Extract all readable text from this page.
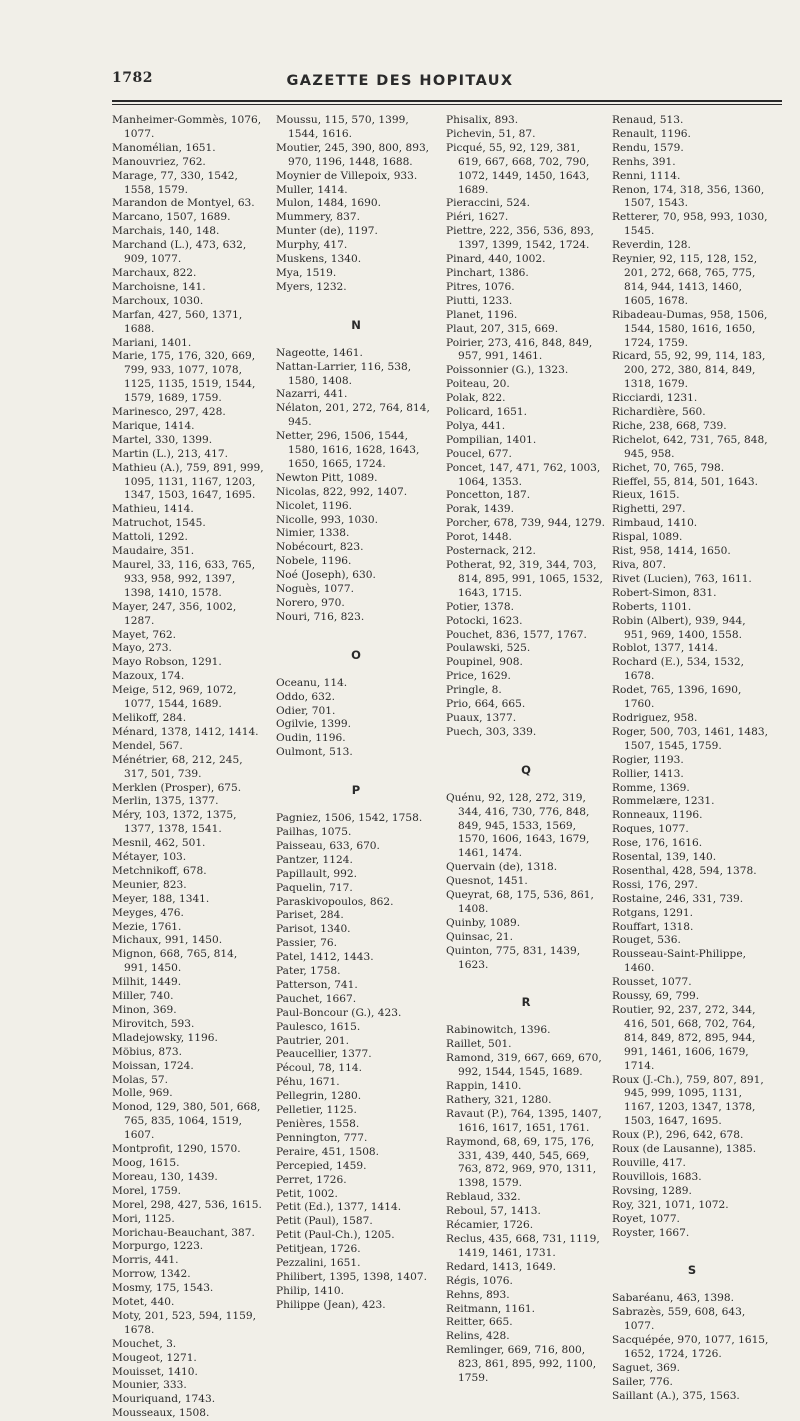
1782	GAZETTE DES HOPITAUX

Manheimer-Gommès, 1076, 1077.

Manomélian, 1651.

Manouvriez, 762.

Marage, 77, 330, 1542, 1558, 1579.

Marandon de Montyel, 63.

Marcano, 1507, 1689.

Marchais, 140, 148.

Marchand (L.), 473, 632, 909, 1077.

Marchaux, 822.

Marchoisne, 141.

Marchoux, 1030.

Marfan, 427, 560, 1371, 1688.

Mariani, 1401.

Marie, 175, 176, 320, 669, 799, 933, 1077, 1078, 1125, 1135, 1519, 1544, 1579, 1689, 1759.

Marinesco, 297, 428.

Marique, 1414.

Martel, 330, 1399.

Martin (L.), 213, 417.

Mathieu (A.), 759, 891, 999, 1095, 1131, 1167, 1203, 1347, 1503, 1647, 1695.

Mathieu, 1414.

Matruchot, 1545.

Mattoli, 1292.

Maudaire, 351.

Maurel, 33, 116, 633, 765, 933, 958, 992, 1397, 1398, 1410, 1578.

Mayer, 247, 356, 1002, 1287.

Mayet, 762.

Mayo, 273.

Mayo Robson, 1291.

Mazoux, 174.

Meige, 512, 969, 1072, 1077, 1544, 1689.

Melikoff, 284.

Ménard, 1378, 1412, 1414.

Mendel, 567.

Ménétrier, 68, 212, 245, 317, 501, 739.

Merklen (Prosper), 675.

Merlin, 1375, 1377.

Méry, 103, 1372, 1375, 1377, 1378, 1541.

Mesnil, 462, 501.

Métayer, 103.

Metchnikoff, 678.

Meunier, 823.

Meyer, 188, 1341.

Meyges, 476.

Mezie, 1761.

Michaux, 991, 1450.

Mignon, 668, 765, 814, 991, 1450.

Milhit, 1449.

Miller, 740.

Minon, 369.

Mirovitch, 593.

Mladejowsky, 1196.

Möbius, 873.

Moissan, 1724.

Molas, 57.

Molle, 969.

Monod, 129, 380, 501, 668, 765, 835, 1064, 1519, 1607.

Montprofit, 1290, 1570.

Moog, 1615.

Moreau, 130, 1439.

Morel, 1759.

Morel, 298, 427, 536, 1615.

Mori, 1125.

Morichau-Beauchant, 387.

Morpurgo, 1223.

Morris, 441.

Morrow, 1342.

Mosmy, 175, 1543.

Motet, 440.

Moty, 201, 523, 594, 1159, 1678.

Mouchet, 3.

Mougeot, 1271.

Mouisset, 1410.

Mounier, 333.

Mouriquand, 1743.

Mousseaux, 1508.

Moussu, 115, 570, 1399, 1544, 1616.

Moutier, 245, 390, 800, 893, 970, 1196, 1448, 1688.

Moynier de Villepoix, 933.

Muller, 1414.

Mulon, 1484, 1690.

Mummery, 837.

Munter (de), 1197.

Murphy, 417.

Muskens, 1340.

Mya, 1519.

Myers, 1232.

N

Nageotte, 1461.

Nattan-Larrier, 116, 538, 1580, 1408.

Nazarri, 441.

Nélaton, 201, 272, 764, 814, 945.

Netter, 296, 1506, 1544, 1580, 1616, 1628, 1643, 1650, 1665, 1724.

Newton Pitt, 1089.

Nicolas, 822, 992, 1407.

Nicolet, 1196.

Nicolle, 993, 1030.

Nimier, 1338.

Nobécourt, 823.

Nobele, 1196.

Noé (Joseph), 630.

Noguès, 1077.

Norero, 970.

Nouri, 716, 823.

O

Oceanu, 114.

Oddo, 632.

Odier, 701.

Ogilvie, 1399.

Oudin, 1196.

Oulmont, 513.

P

Pagniez, 1506, 1542, 1758.

Pailhas, 1075.

Paisseau, 633, 670.

Pantzer, 1124.

Papillault, 992.

Paquelin, 717.

Paraskivopoulos, 862.

Pariset, 284.

Parisot, 1340.

Passier, 76.

Patel, 1412, 1443.

Pater, 1758.

Patterson, 741.

Pauchet, 1667.

Paul-Boncour (G.), 423.

Paulesco, 1615.

Pautrier, 201.

Peaucellier, 1377.

Pécoul, 78, 114.

Péhu, 1671.

Pellegrin, 1280.

Pelletier, 1125.

Penières, 1558.

Pennington, 777.

Peraire, 451, 1508.

Percepied, 1459.

Perret, 1726.

Petit, 1002.

Petit (Ed.), 1377, 1414.

Petit (Paul), 1587.

Petit (Paul-Ch.), 1205.

Petitjean, 1726.

Pezzalini, 1651.

Philibert, 1395, 1398, 1407.

Philip, 1410.

Philippe (Jean), 423.

Phisalix, 893.

Pichevin, 51, 87.

Picqué, 55, 92, 129, 381, 619, 667, 668, 702, 790, 1072, 1449, 1450, 1643, 1689.

Pieraccini, 524.

Piéri, 1627.

Piettre, 222, 356, 536, 893, 1397, 1399, 1542, 1724.

Pinard, 440, 1002.

Pinchart, 1386.

Pitres, 1076.

Piutti, 1233.

Planet, 1196.

Plaut, 207, 315, 669.

Poirier, 273, 416, 848, 849, 957, 991, 1461.

Poissonnier (G.), 1323.

Poiteau, 20.

Polak, 822.

Policard, 1651.

Polya, 441.

Pompilian, 1401.

Poucel, 677.

Poncet, 147, 471, 762, 1003, 1064, 1353.

Poncetton, 187.

Porak, 1439.

Porcher, 678, 739, 944, 1279.

Porot, 1448.

Posternack, 212.

Potherat, 92, 319, 344, 703, 814, 895, 991, 1065, 1532, 1643, 1715.

Potier, 1378.

Potocki, 1623.

Pouchet, 836, 1577, 1767.

Poulawski, 525.

Poupinel, 908.

Price, 1629.

Pringle, 8.

Prio, 664, 665.

Puaux, 1377.

Puech, 303, 339.

Q

Quénu, 92, 128, 272, 319, 344, 416, 730, 776, 848, 849, 945, 1533, 1569, 1570, 1606, 1643, 1679, 1461, 1474.

Quervain (de), 1318.

Quesnot, 1451.

Queyrat, 68, 175, 536, 861, 1408.

Quinby, 1089.

Quinsac, 21.

Quinton, 775, 831, 1439, 1623.

R

Rabinowitch, 1396.

Raillet, 501.

Ramond, 319, 667, 669, 670, 992, 1544, 1545, 1689.

Rappin, 1410.

Rathery, 321, 1280.

Ravaut (P.), 764, 1395, 1407, 1616, 1617, 1651, 1761.

Raymond, 68, 69, 175, 176, 331, 439, 440, 545, 669, 763, 872, 969, 970, 1311, 1398, 1579.

Reblaud, 332.

Reboul, 57, 1413.

Récamier, 1726.

Reclus, 435, 668, 731, 1119, 1419, 1461, 1731.

Redard, 1413, 1649.

Régis, 1076.

Rehns, 893.

Reitmann, 1161.

Reitter, 665.

Relins, 428.

Remlinger, 669, 716, 800, 823, 861, 895, 992, 1100, 1759.

Renaud, 513.

Renault, 1196.

Rendu, 1579.

Renhs, 391.

Renni, 1114.

Renon, 174, 318, 356, 1360, 1507, 1543.

Retterer, 70, 958, 993, 1030, 1545.

Reverdin, 128.

Reynier, 92, 115, 128, 152, 201, 272, 668, 765, 775, 814, 944, 1413, 1460, 1605, 1678.

Ribadeau-Dumas, 958, 1506, 1544, 1580, 1616, 1650, 1724, 1759.

Ricard, 55, 92, 99, 114, 183, 200, 272, 380, 814, 849, 1318, 1679.

Ricciardi, 1231.

Richardière, 560.

Riche, 238, 668, 739.

Richelot, 642, 731, 765, 848, 945, 958.

Richet, 70, 765, 798.

Rieffel, 55, 814, 501, 1643.

Rieux, 1615.

Righetti, 297.

Rimbaud, 1410.

Rispal, 1089.

Rist, 958, 1414, 1650.

Riva, 807.

Rivet (Lucien), 763, 1611.

Robert-Simon, 831.

Roberts, 1101.

Robin (Albert), 939, 944, 951, 969, 1400, 1558.

Roblot, 1377, 1414.

Rochard (E.), 534, 1532, 1678.

Rodet, 765, 1396, 1690, 1760.

Rodriguez, 958.

Roger, 500, 703, 1461, 1483, 1507, 1545, 1759.

Rogier, 1193.

Rollier, 1413.

Romme, 1369.

Rommelære, 1231.

Ronneaux, 1196.

Roques, 1077.

Rose, 176, 1616.

Rosental, 139, 140.

Rosenthal, 428, 594, 1378.

Rossi, 176, 297.

Rostaine, 246, 331, 739.

Rotgans, 1291.

Rouffart, 1318.

Rouget, 536.

Rousseau-Saint-Philippe, 1460.

Rousset, 1077.

Roussy, 69, 799.

Routier, 92, 237, 272, 344, 416, 501, 668, 702, 764, 814, 849, 872, 895, 944, 991, 1461, 1606, 1679, 1714.

Roux (J.-Ch.), 759, 807, 891, 945, 999, 1095, 1131, 1167, 1203, 1347, 1378, 1503, 1647, 1695.

Roux (P.), 296, 642, 678.

Roux (de Lausanne), 1385.

Rouville, 417.

Rouvillois, 1683.

Rovsing, 1289.

Roy, 321, 1071, 1072.

Royet, 1077.

Royster, 1667.

S

Sabaréanu, 463, 1398.

Sabrazès, 559, 608, 643, 1077.

Sacquépée, 970, 1077, 1615, 1652, 1724, 1726.

Saguet, 369.

Sailer, 776.

Saillant (A.), 375, 1563.
